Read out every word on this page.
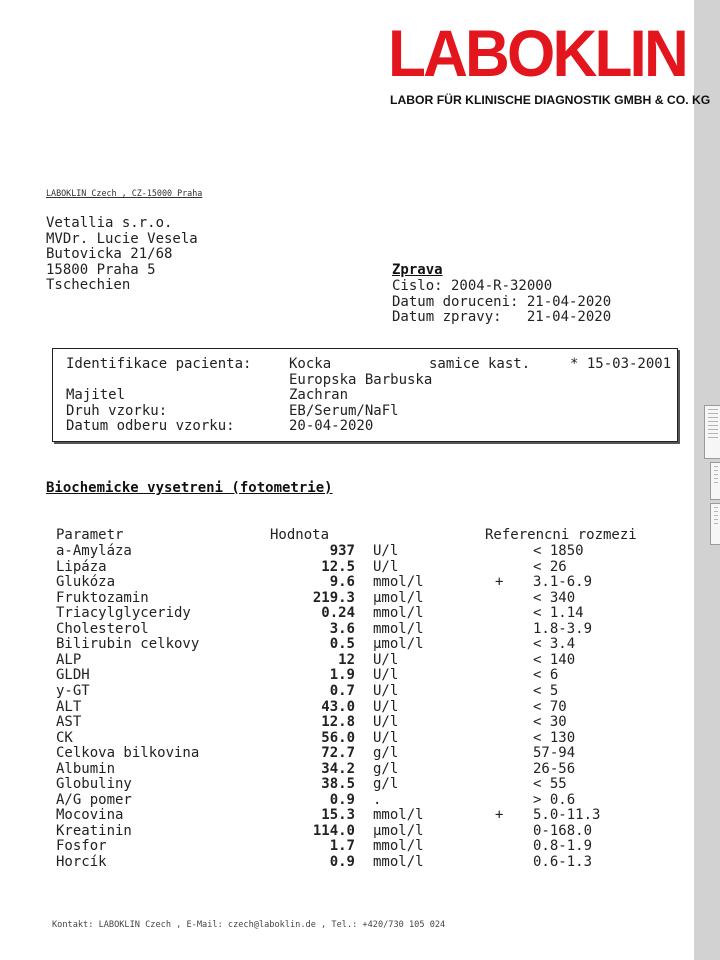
LABOKLIN
LABOR FÜR KLINISCHE DIAGNOSTIK GMBH & CO. KG
LABOKLIN Czech , CZ-15000 Praha
Vetallia s.r.o.
MVDr. Lucie Vesela
Butovicka 21/68
15800 Praha 5
Tschechien
Zprava
Cislo: 2004-R-32000
Datum doruceni: 21-04-2020
Datum zpravy:   21-04-2020
Identifikace pacienta:	Kocka	samice kast.	* 15-03-2001
Europska Barbuska
Majitel	Zachran
Druh vzorku:	EB/Serum/NaFl
Datum odberu vzorku:	20-04-2020
Biochemicke vysetreni (fotometrie)
Parametr	Hodnota	Referencni rozmezi
a-Amyláza	937 U/l	< 1850
Lipáza	12.5 U/l	< 26
Glukóza	9.6 mmol/l	+ 3.1-6.9
Fruktozamin	219.3 µmol/l	< 340
Triacylglyceridy	0.24 mmol/l	< 1.14
Cholesterol	3.6 mmol/l	1.8-3.9
Bilirubin celkovy	0.5 µmol/l	< 3.4
ALP	12 U/l	< 140
GLDH	1.9 U/l	< 6
y-GT	0.7 U/l	< 5
ALT	43.0 U/l	< 70
AST	12.8 U/l	< 30
CK	56.0 U/l	< 130
Celkova bilkovina	72.7 g/l	57-94
Albumin	34.2 g/l	26-56
Globuliny	38.5 g/l	< 55
A/G pomer	0.9 .	> 0.6
Mocovina	15.3 mmol/l	+ 5.0-11.3
Kreatinin	114.0 µmol/l	0-168.0
Fosfor	1.7 mmol/l	0.8-1.9
Horcík	0.9 mmol/l	0.6-1.3
Kontakt: LABOKLIN Czech , E-Mail: czech@laboklin.de , Tel.: +420/730 105 024
